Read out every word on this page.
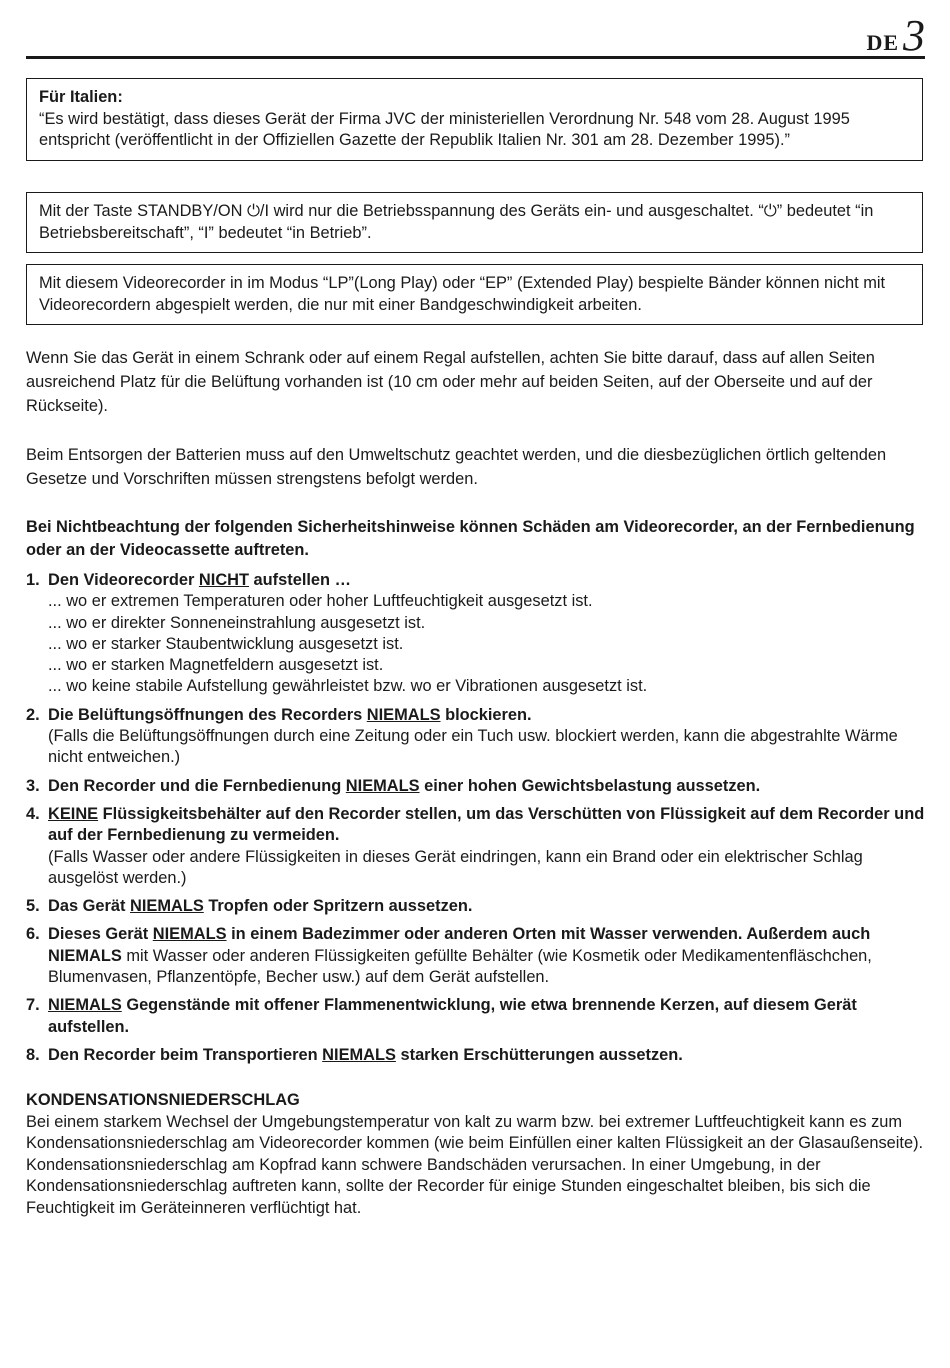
DE3
Für Italien:
“Es wird bestätigt, dass dieses Gerät der Firma JVC der ministeriellen Verordnung Nr. 548 vom 28. August 1995 entspricht (veröffentlicht in der Offiziellen Gazette der Republik Italien Nr. 301 am 28. Dezember 1995).”
Mit der Taste STANDBY/ON ⏻/I wird nur die Betriebsspannung des Geräts ein- und ausgeschaltet. “⏻” bedeutet “in Betriebsbereitschaft”, “I” bedeutet “in Betrieb”.
Mit diesem Videorecorder in im Modus “LP”(Long Play) oder “EP” (Extended Play) bespielte Bänder können nicht mit Videorecordern abgespielt werden, die nur mit einer Bandgeschwindigkeit arbeiten.
Wenn Sie das Gerät in einem Schrank oder auf einem Regal aufstellen, achten Sie bitte darauf, dass auf allen Seiten ausreichend Platz für die Belüftung vorhanden ist (10 cm oder mehr auf beiden Seiten, auf der Oberseite und auf der Rückseite).
Beim Entsorgen der Batterien muss auf den Umweltschutz geachtet werden, und die diesbezüglichen örtlich geltenden Gesetze und Vorschriften müssen strengstens befolgt werden.
Bei Nichtbeachtung der folgenden Sicherheitshinweise können Schäden am Videorecorder, an der Fernbedienung oder an der Videocassette auftreten.
1. Den Videorecorder NICHT aufstellen …
... wo er extremen Temperaturen oder hoher Luftfeuchtigkeit ausgesetzt ist.
... wo er direkter Sonneneinstrahlung ausgesetzt ist.
... wo er starker Staubentwicklung ausgesetzt ist.
... wo er starken Magnetfeldern ausgesetzt ist.
... wo keine stabile Aufstellung gewährleistet bzw. wo er Vibrationen ausgesetzt ist.
2. Die Belüftungsöffnungen des Recorders NIEMALS blockieren.
(Falls die Belüftungsöffnungen durch eine Zeitung oder ein Tuch usw. blockiert werden, kann die abgestrahlte Wärme nicht entweichen.)
3. Den Recorder und die Fernbedienung NIEMALS einer hohen Gewichtsbelastung aussetzen.
4. KEINE Flüssigkeitsbehälter auf den Recorder stellen, um das Verschütten von Flüssigkeit auf dem Recorder und auf der Fernbedienung zu vermeiden.
(Falls Wasser oder andere Flüssigkeiten in dieses Gerät eindringen, kann ein Brand oder ein elektrischer Schlag ausgelöst werden.)
5. Das Gerät NIEMALS Tropfen oder Spritzern aussetzen.
6. Dieses Gerät NIEMALS in einem Badezimmer oder anderen Orten mit Wasser verwenden. Außerdem auch NIEMALS mit Wasser oder anderen Flüssigkeiten gefüllte Behälter (wie Kosmetik oder Medikamentenfläschchen, Blumenvasen, Pflanzentöpfe, Becher usw.) auf dem Gerät aufstellen.
7. NIEMALS Gegenstände mit offener Flammenentwicklung, wie etwa brennende Kerzen, auf diesem Gerät aufstellen.
8. Den Recorder beim Transportieren NIEMALS starken Erschütterungen aussetzen.
KONDENSATIONSNIEDERSCHLAG
Bei einem starkem Wechsel der Umgebungstemperatur von kalt zu warm bzw. bei extremer Luftfeuchtigkeit kann es zum Kondensationsniederschlag am Videorecorder kommen (wie beim Einfüllen einer kalten Flüssigkeit an der Glasaußenseite). Kondensationsniederschlag am Kopfrad kann schwere Bandschäden verursachen. In einer Umgebung, in der Kondensationsniederschlag auftreten kann, sollte der Recorder für einige Stunden eingeschaltet bleiben, bis sich die Feuchtigkeit im Geräteinneren verflüchtigt hat.
